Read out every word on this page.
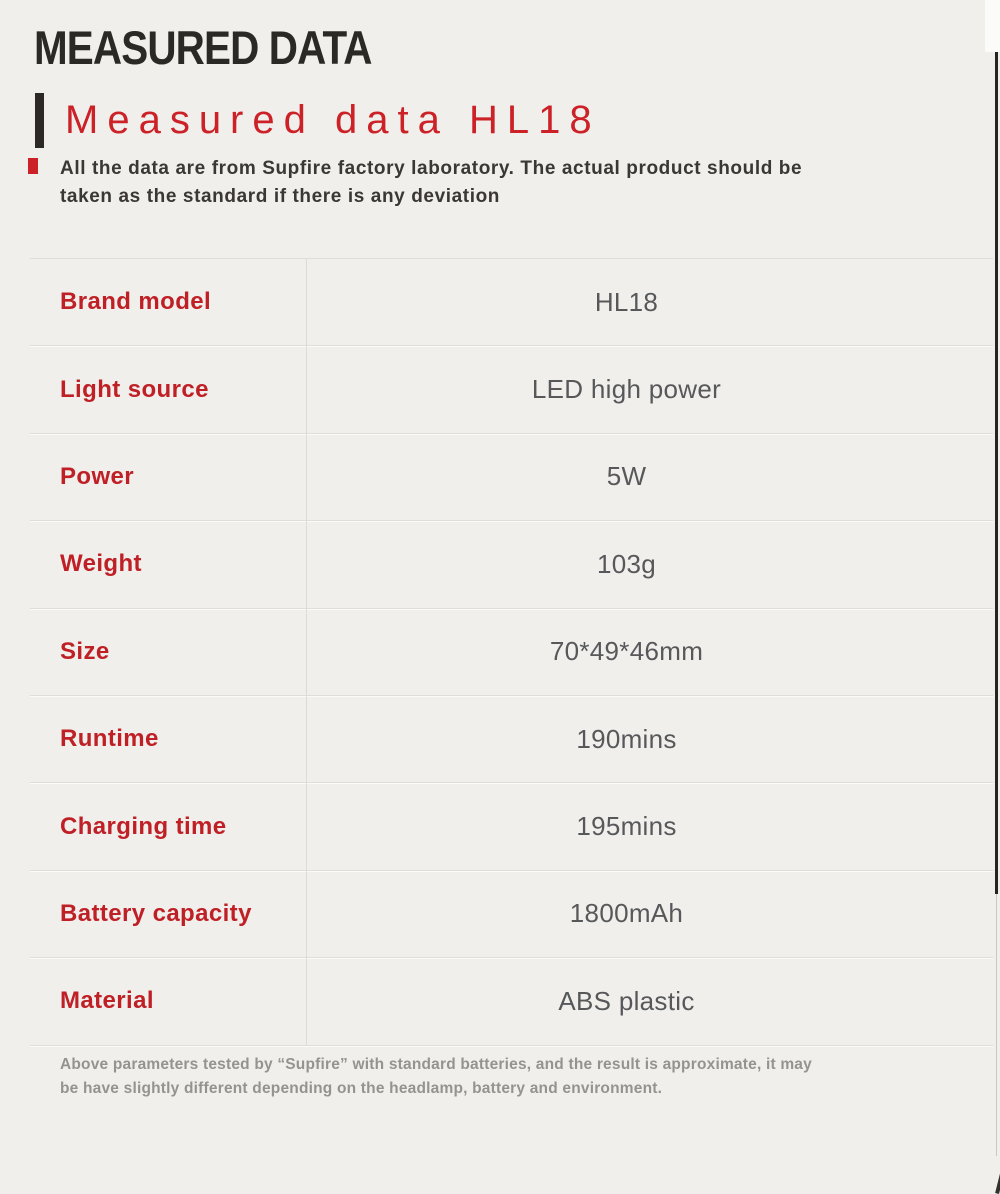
MEASURED DATA
Measured data HL18
All the data are from Supfire factory laboratory. The actual product should be
taken as the standard if there is any deviation
Brand model	HL18
Light source	LED high power
Power	5W
Weight	103g
Size	70*49*46mm
Runtime	190mins
Charging time	195mins
Battery capacity	1800mAh
Material	ABS plastic
Above parameters tested by “Supfire” with standard batteries, and the result is approximate, it may
be have slightly different depending on the headlamp, battery and environment.
